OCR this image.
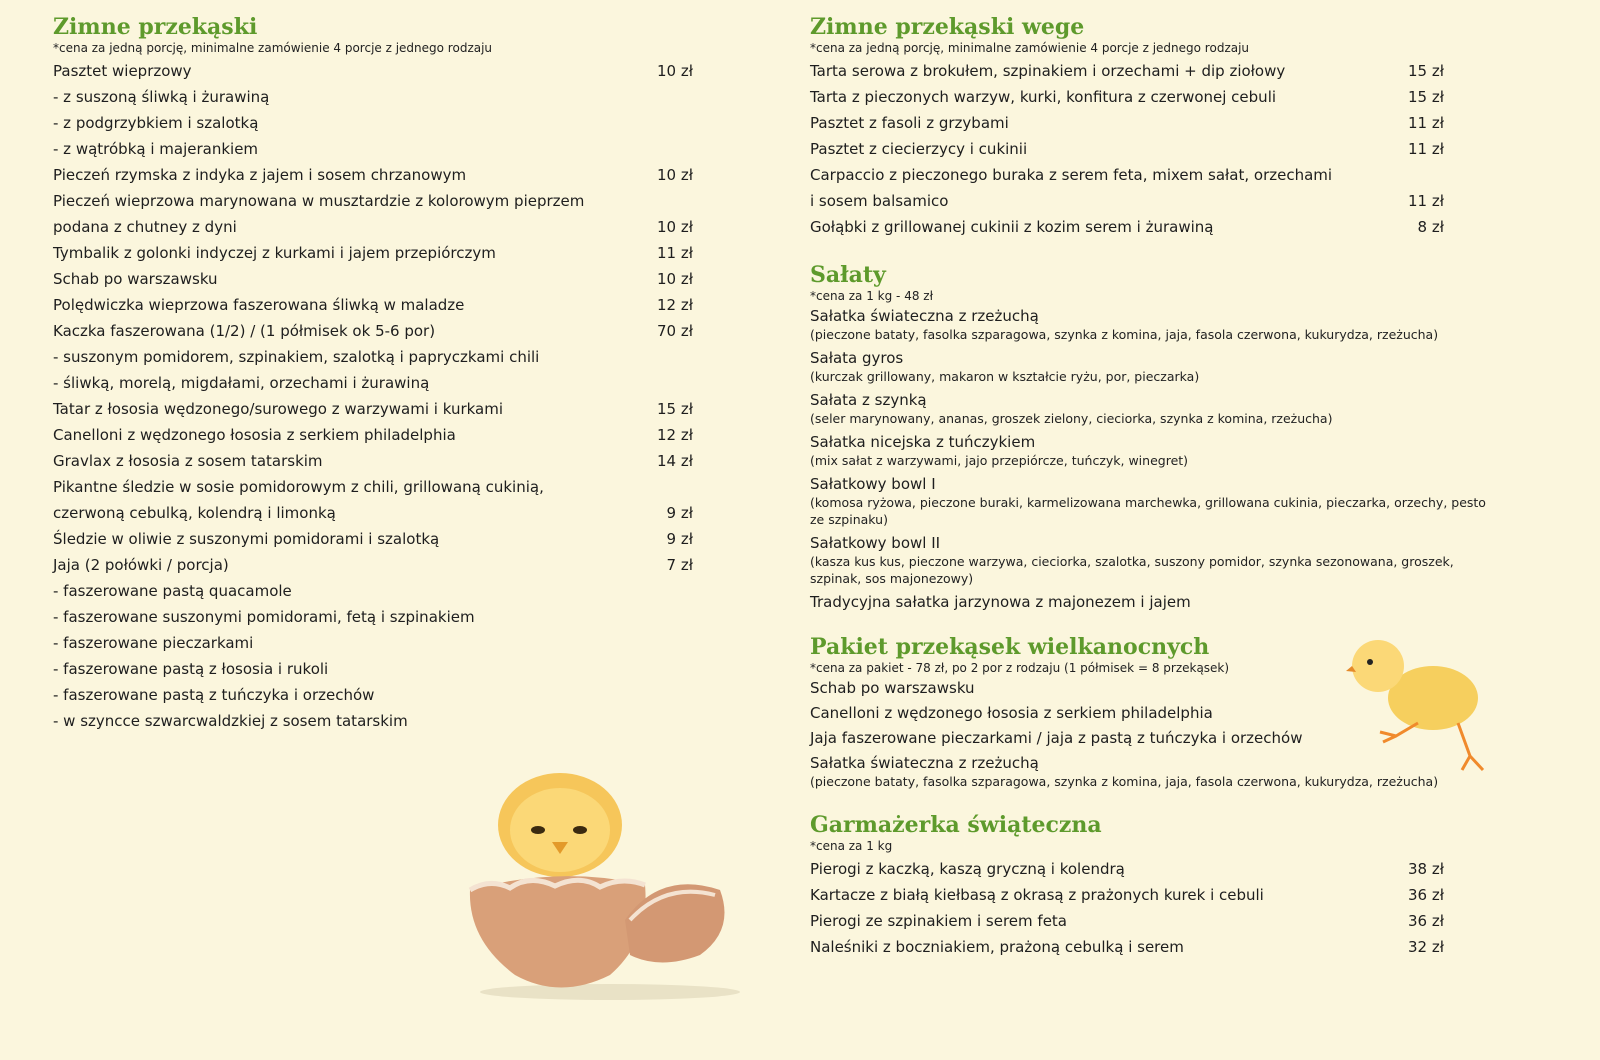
Zimne przekąski
*cena za jedną porcję, minimalne zamówienie 4 porcje z jednego rodzaju
Pasztet wieprzowy	10 zł
- z suszoną śliwką i żurawiną
- z podgrzybkiem i szalotką
- z wątróbką i majerankiem
Pieczeń rzymska z indyka z jajem i sosem chrzanowym	10 zł
Pieczeń wieprzowa marynowana w musztardzie z kolorowym pieprzem
podana z chutney z dyni	10 zł
Tymbalik z golonki indyczej z kurkami i jajem przepiórczym	11 zł
Schab po warszawsku	10 zł
Polędwiczka wieprzowa faszerowana śliwką w maladze	12 zł
Kaczka faszerowana (1/2) / (1 półmisek ok 5-6 por)	70 zł
- suszonym pomidorem, szpinakiem, szalotką i papryczkami chili
- śliwką, morelą, migdałami, orzechami i żurawiną
Tatar z łososia wędzonego/surowego z warzywami i kurkami	15 zł
Canelloni z wędzonego łososia z serkiem philadelphia	12 zł
Gravlax z łososia z sosem tatarskim	14 zł
Pikantne śledzie w sosie pomidorowym z chili, grillowaną cukinią,
czerwoną cebulką, kolendrą i limonką	9 zł
Śledzie w oliwie z suszonymi pomidorami i szalotką	9 zł
Jaja (2 połówki / porcja)	7 zł
- faszerowane pastą quacamole
- faszerowane suszonymi pomidorami, fetą i szpinakiem
- faszerowane pieczarkami
- faszerowane pastą z łososia i rukoli
- faszerowane pastą z tuńczyka i orzechów
- w szyncce szwarcwaldzkiej z sosem tatarskim
Zimne przekąski wege
*cena za jedną porcję, minimalne zamówienie 4 porcje z jednego rodzaju
Tarta serowa z brokułem, szpinakiem i orzechami + dip ziołowy	15 zł
Tarta z pieczonych warzyw, kurki, konfitura z czerwonej cebuli	15 zł
Pasztet z fasoli z grzybami	11 zł
Pasztet z ciecierzycy i cukinii	11 zł
Carpaccio z pieczonego buraka z serem feta, mixem sałat, orzechami
i sosem balsamico	11 zł
Gołąbki z grillowanej cukinii z kozim serem i żurawiną	8 zł
Sałaty
*cena za 1 kg - 48 zł
Sałatka świateczna z rzeżuchą
(pieczone bataty, fasolka szparagowa, szynka z komina, jaja, fasola czerwona, kukurydza, rzeżucha)
Sałata gyros
(kurczak grillowany, makaron w kształcie ryżu, por, pieczarka)
Sałata z szynką
(seler marynowany, ananas, groszek zielony, cieciorka, szynka z komina, rzeżucha)
Sałatka nicejska z tuńczykiem
(mix sałat z warzywami, jajo przepiórcze, tuńczyk, winegret)
Sałatkowy bowl I
(komosa ryżowa, pieczone buraki, karmelizowana marchewka, grillowana cukinia, pieczarka, orzechy, pesto ze szpinaku)
Sałatkowy bowl II
(kasza kus kus, pieczone warzywa, cieciorka, szalotka, suszony pomidor, szynka sezonowana, groszek, szpinak, sos majonezowy)
Tradycyjna sałatka jarzynowa z majonezem i jajem
Pakiet przekąsek wielkanocnych
*cena za pakiet - 78 zł, po 2 por z rodzaju (1 półmisek = 8 przekąsek)
Schab po warszawsku
Canelloni z wędzonego łososia z serkiem philadelphia
Jaja faszerowane pieczarkami / jaja z pastą z tuńczyka i orzechów
Sałatka świateczna z rzeżuchą
(pieczone bataty, fasolka szparagowa, szynka z komina, jaja, fasola czerwona, kukurydza, rzeżucha)
Garmażerka świąteczna
*cena za 1 kg
Pierogi z kaczką, kaszą gryczną i kolendrą	38 zł
Kartacze z białą kiełbasą z okrasą z prażonych kurek i cebuli	36 zł
Pierogi ze szpinakiem i serem feta	36 zł
Naleśniki z boczniakiem, prażoną cebulką i serem	32 zł
